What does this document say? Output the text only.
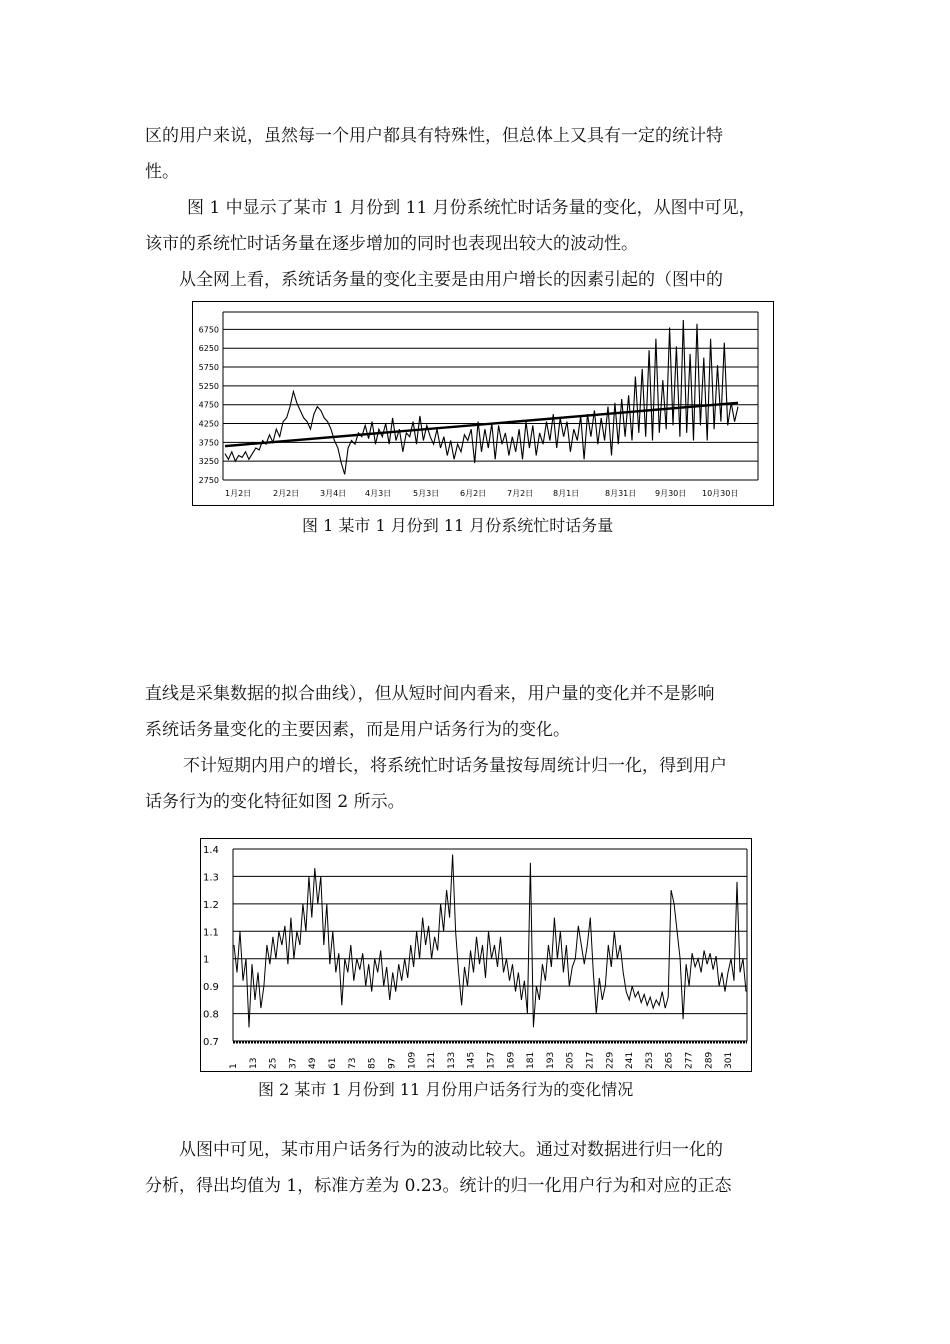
区的用户来说，虽然每一个用户都具有特殊性，但总体上又具有一定的统计特
性。
图 1 中显示了某市 1 月份到 11 月份系统忙时话务量的变化，从图中可见，
该市的系统忙时话务量在逐步增加的同时也表现出较大的波动性。
从全网上看，系统话务量的变化主要是由用户增长的因素引起的（图中的
2750
3250
3750
4250
4750
5250
5750
6250
6750
1月2日	2月2日	3月4日 4月3日	5月3日	6月2日	7月2日 8月1日	8月31日 9月30日 10月30日
图 1 某市 1 月份到 11 月份系统忙时话务量
直线是采集数据的拟合曲线），但从短时间内看来，用户量的变化并不是影响
系统话务量变化的主要因素，而是用户话务行为的变化。
不计短期内用户的增长，将系统忙时话务量按每周统计归一化，得到用户
话务行为的变化特征如图 2 所示。
0.7
0.8
0.9
1
1.1
1.2
1.3
1.4
1 13 25 37 49 61 73 85 97 109 121 133 145 157 169 181 193 205 217 229 241 253 265 277 289 301
图 2 某市 1 月份到 11 月份用户话务行为的变化情况
从图中可见，某市用户话务行为的波动比较大。通过对数据进行归一化的
分析，得出均值为 1，标准方差为 0.23。统计的归一化用户行为和对应的正态
